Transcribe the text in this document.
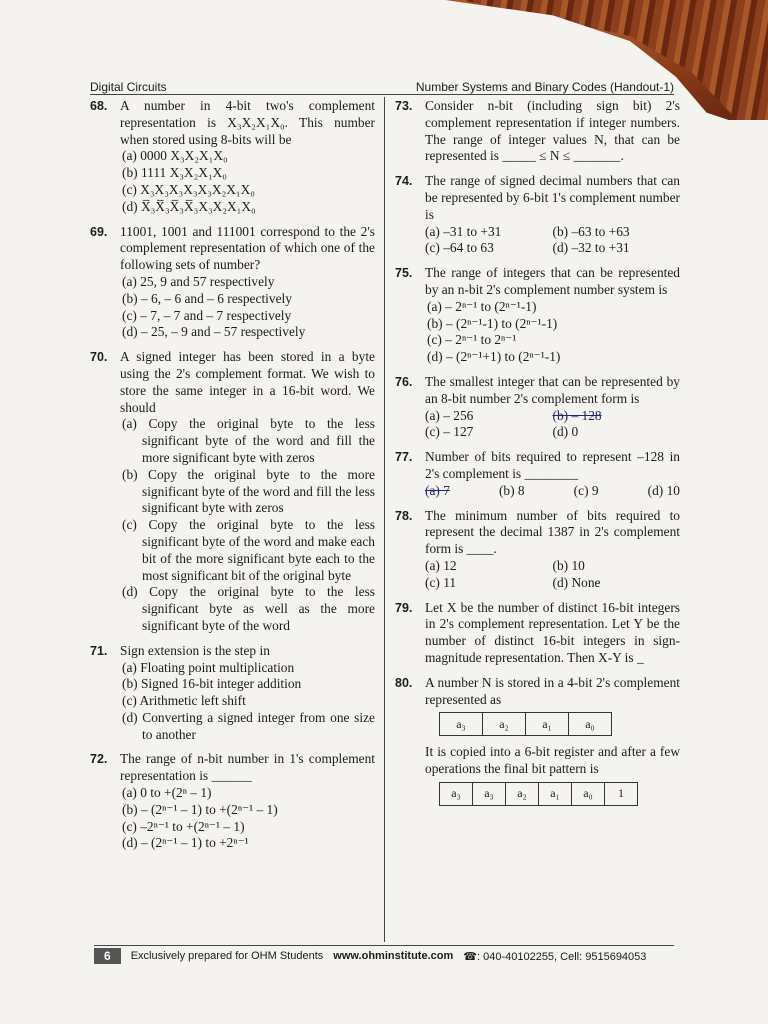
Digital Circuits	Number Systems and Binary Codes (Handout-1)
68. A number in 4-bit two's complement representation is X₃X₂X₁X₀. This number when stored using 8-bits will be
(a) 0000 X₃X₂X₁X₀
(b) 1111 X₃X₂X₁X₀
(c) X₃X₃X₃X₃X₃X₂X₁X₀
(d) X̅₃X̅₃X̅₃X̅₃X₃X₂X₁X₀
69. 11001, 1001 and 111001 correspond to the 2's complement representation of which one of the following sets of number?
(a) 25, 9 and 57 respectively
(b) – 6, – 6 and – 6 respectively
(c) – 7, – 7 and – 7 respectively
(d) – 25, – 9 and – 57 respectively
70. A signed integer has been stored in a byte using the 2's complement format. We wish to store the same integer in a 16-bit word. We should
(a) Copy the original byte to the less significant byte of the word and fill the more significant byte with zeros
(b) Copy the original byte to the more significant byte of the word and fill the less significant byte with zeros
(c) Copy the original byte to the less significant byte of the word and make each bit of the more significant byte each to the most significant bit of the original byte
(d) Copy the original byte to the less significant byte as well as the more significant byte of the word
71. Sign extension is the step in
(a) Floating point multiplication
(b) Signed 16-bit integer addition
(c) Arithmetic left shift
(d) Converting a signed integer from one size to another
72. The range of n-bit number in 1's complement representation is ______
(a) 0 to +(2ⁿ – 1)
(b) – (2ⁿ⁻¹ – 1) to +(2ⁿ⁻¹ – 1)
(c) –2ⁿ⁻¹ to +(2ⁿ⁻¹ – 1)
(d) – (2ⁿ⁻¹ – 1) to +2ⁿ⁻¹
73. Consider n-bit (including sign bit) 2's complement representation if integer numbers. The range of integer values N, that can be represented is _____ ≤ N ≤ _______.
74. The range of signed decimal numbers that can be represented by 6-bit 1's complement number is
(a) –31 to +31	(b) –63 to +63
(c) –64 to 63	(d) –32 to +31
75. The range of integers that can be represented by an n-bit 2's complement number system is
(a) – 2ⁿ⁻¹ to (2ⁿ⁻¹-1)
(b) – (2ⁿ⁻¹-1) to (2ⁿ⁻¹-1)
(c) – 2ⁿ⁻¹ to 2ⁿ⁻¹
(d) – (2ⁿ⁻¹+1) to (2ⁿ⁻¹-1)
76. The smallest integer that can be represented by an 8-bit number 2's complement form is
(a) – 256	(b) – 128
(c) – 127	(d) 0
77. Number of bits required to represent –128 in 2's complement is ________
(a) 7	(b) 8	(c) 9	(d) 10
78. The minimum number of bits required to represent the decimal 1387 in 2's complement form is ____.
(a) 12	(b) 10
(c) 11	(d) None
79. Let X be the number of distinct 16-bit integers in 2's complement representation. Let Y be the number of distinct 16-bit integers in sign-magnitude representation. Then X-Y is _
80. A number N is stored in a 4-bit 2's complement represented as
a₃	a₂	a₁	a₀
It is copied into a 6-bit register and after a few operations the final bit pattern is
a₃	a₃	a₂	a₁	a₀	1
6	Exclusively prepared for OHM Students www.ohminstitute.com ☎: 040-40102255, Cell: 9515694053
